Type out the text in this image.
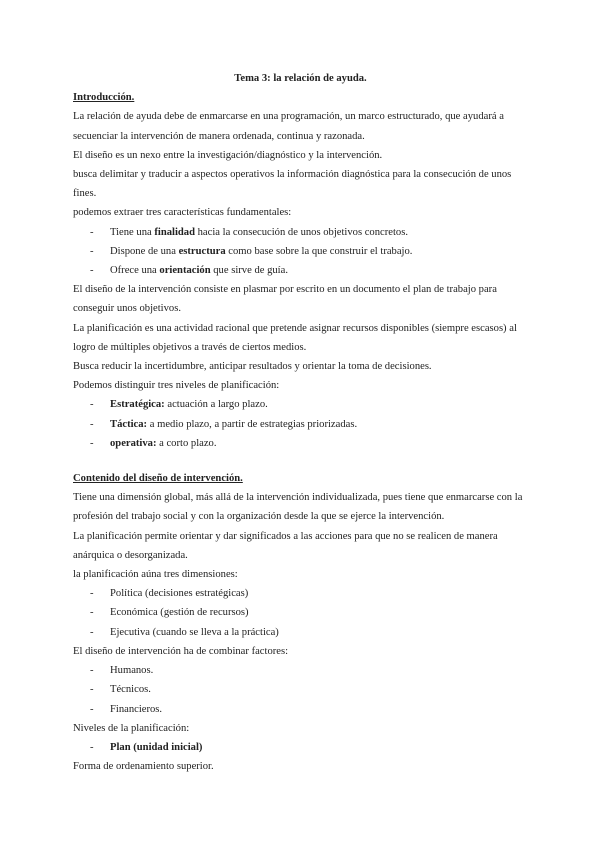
Tema 3: la relación de ayuda.

Introducción.

La relación de ayuda debe de enmarcarse en una programación, un marco estructurado, que ayudará a secuenciar la intervención de manera ordenada, continua y razonada.

El diseño es un nexo entre la investigación/diagnóstico y la intervención.

busca delimitar y traducir a aspectos operativos la información diagnóstica para la consecución de unos fines.

podemos extraer tres características fundamentales:

- Tiene una finalidad hacia la consecución de unos objetivos concretos.
- Dispone de una estructura como base sobre la que construir el trabajo.
- Ofrece una orientación que sirve de guía.

El diseño de la intervención consiste en plasmar por escrito en un documento el plan de trabajo para conseguir unos objetivos.

La planificación es una actividad racional que pretende asignar recursos disponibles (siempre escasos) al logro de múltiples objetivos a través de ciertos medios.

Busca reducir la incertidumbre, anticipar resultados y orientar la toma de decisiones.

Podemos distinguir tres niveles de planificación:

- Estratégica: actuación a largo plazo.
- Táctica: a medio plazo, a partir de estrategias priorizadas.
- operativa: a corto plazo.

Contenido del diseño de intervención.

Tiene una dimensión global, más allá de la intervención individualizada, pues tiene que enmarcarse con la profesión del trabajo social y con la organización desde la que se ejerce la intervención.

La planificación permite orientar y dar significados a las acciones para que no se realicen de manera anárquica o desorganizada.

la planificación aúna tres dimensiones:

- Política (decisiones estratégicas)
- Económica (gestión de recursos)
- Ejecutiva (cuando se lleva a la práctica)

El diseño de intervención ha de combinar factores:

- Humanos.
- Técnicos.
- Financieros.

Niveles de la planificación:

- Plan (unidad inicial)

Forma de ordenamiento superior.
